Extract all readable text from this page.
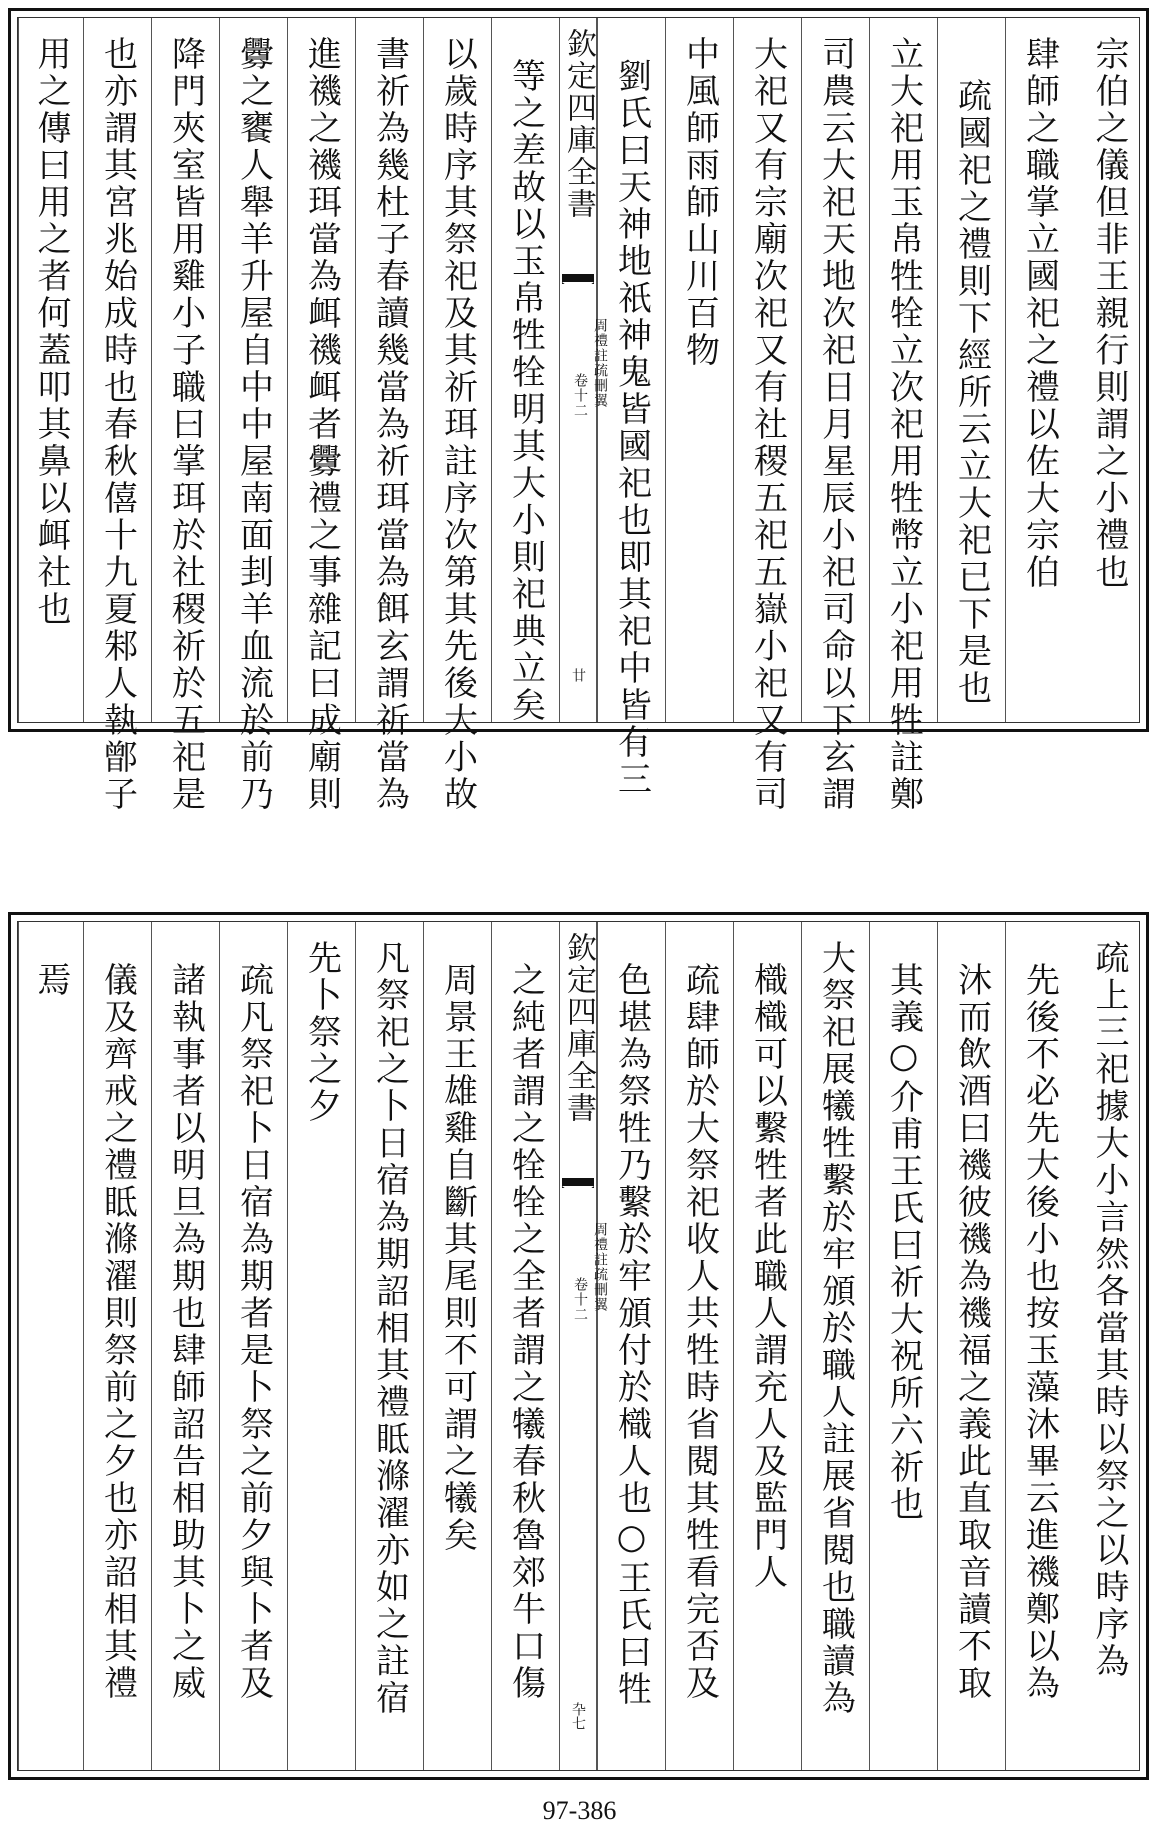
宗伯之儀但非王親行則謂之小禮也
肆師之職掌立國祀之禮以佐大宗伯
疏國祀之禮則下經所云立大祀已下是也
立大祀用玉帛牲牷立次祀用牲幣立小祀用牲註鄭
司農云大祀天地次祀日月星辰小祀司命以下玄謂
大祀又有宗廟次祀又有社稷五祀五嶽小祀又有司
中風師雨師山川百物
劉氏曰天神地祇神鬼皆國祀也即其祀中皆有三
欽定四庫全書
周禮註疏刪翼
卷十二
廿
等之差故以玉帛牲牷明其大小則祀典立矣
以歲時序其祭祀及其祈珥註序次第其先後大小故
書祈為幾杜子春讀幾當為祈珥當為餌玄謂祈當為
進禨之禨珥當為衈禨衈者釁禮之事雜記曰成廟則
釁之饔人舉羊升屋自中中屋南面刲羊血流於前乃
降門夾室皆用雞小子職曰掌珥於社稷祈於五祀是
也亦謂其宮兆始成時也春秋僖十九夏邾人執鄫子
用之傳曰用之者何蓋叩其鼻以衈社也
疏上三祀據大小言然各當其時以祭之以時序為
先後不必先大後小也按玉藻沐畢云進禨鄭以為
沐而飲酒曰禨彼禨為禨福之義此直取音讀不取
其義○介甫王氏曰祈大祝所六祈也
大祭祀展犧牲繫於牢頒於職人註展省閱也職讀為
樴樴可以繫牲者此職人謂充人及監門人
疏肆師於大祭祀收人共牲時省閱其牲看完否及
色堪為祭牲乃繫於牢頒付於樴人也○王氏曰牲
欽定四庫全書
周禮註疏刪翼
卷十二
卆七
之純者謂之牷牷之全者謂之犧春秋魯郊牛口傷
周景王雄雞自斷其尾則不可謂之犧矣
凡祭祀之卜日宿為期詔相其禮眡滌濯亦如之註宿
先卜祭之夕
疏凡祭祀卜日宿為期者是卜祭之前夕與卜者及
諸執事者以明旦為期也肆師詔告相助其卜之威
儀及齊戒之禮眡滌濯則祭前之夕也亦詔相其禮
焉
97-386
